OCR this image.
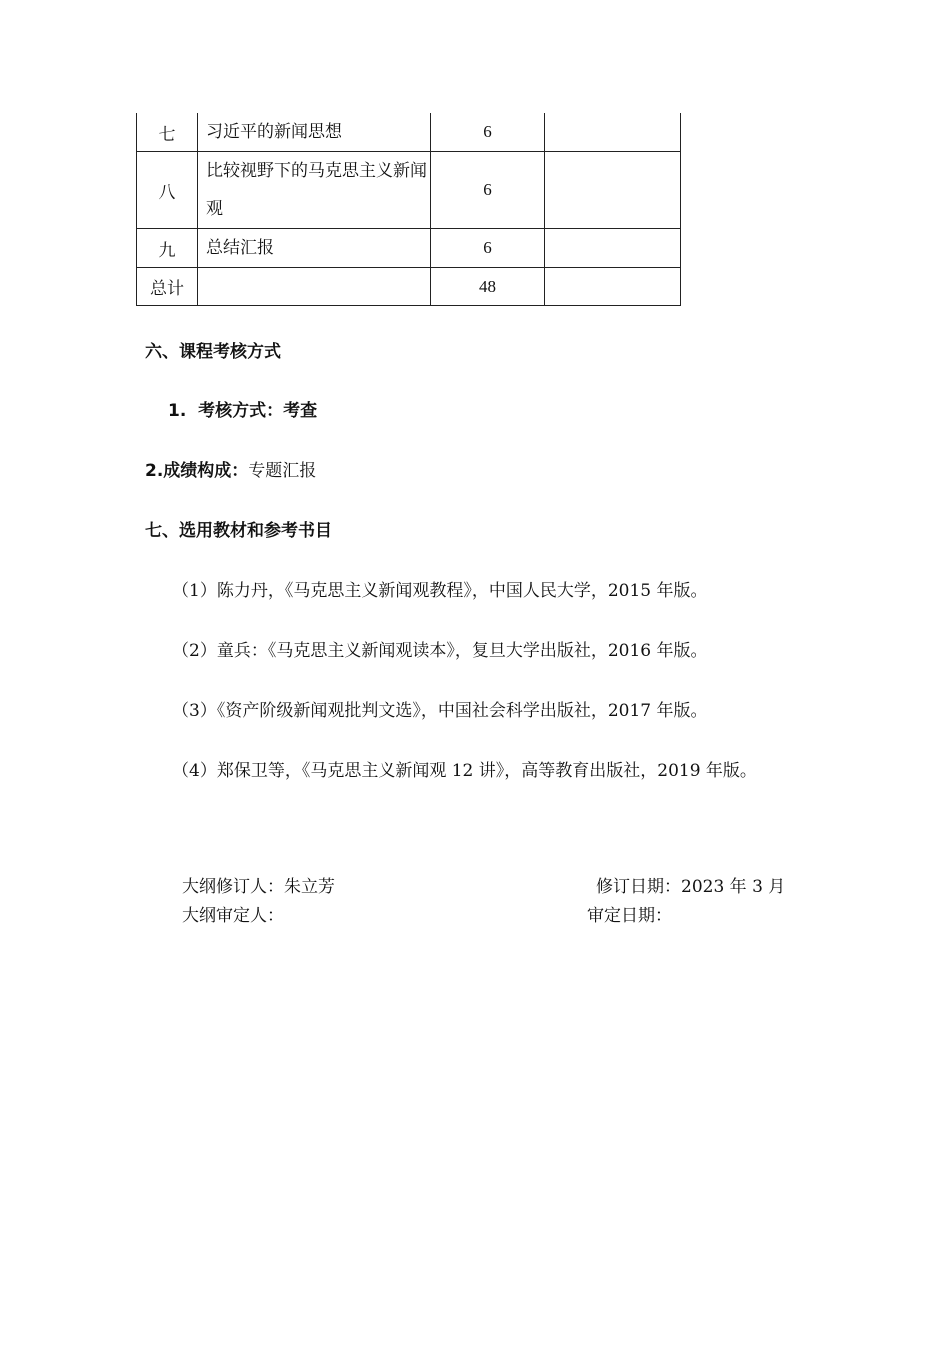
七	习近平的新闻思想	6	
八	比较视野下的马克思主义新闻观	6	
九	总结汇报	6	
总计		48	
六、课程考核方式
1.  考核方式：考查
2.成绩构成：专题汇报
七、选用教材和参考书目
（1）陈力丹，《马克思主义新闻观教程》，中国人民大学，2015 年版。
（2）童兵：《马克思主义新闻观读本》，复旦大学出版社，2016 年版。
（3）《资产阶级新闻观批判文选》，中国社会科学出版社，2017 年版。
（4）郑保卫等，《马克思主义新闻观 12 讲》，高等教育出版社，2019 年版。
大纲修订人：朱立芳	修订日期：2023 年 3 月
大纲审定人：	审定日期：
